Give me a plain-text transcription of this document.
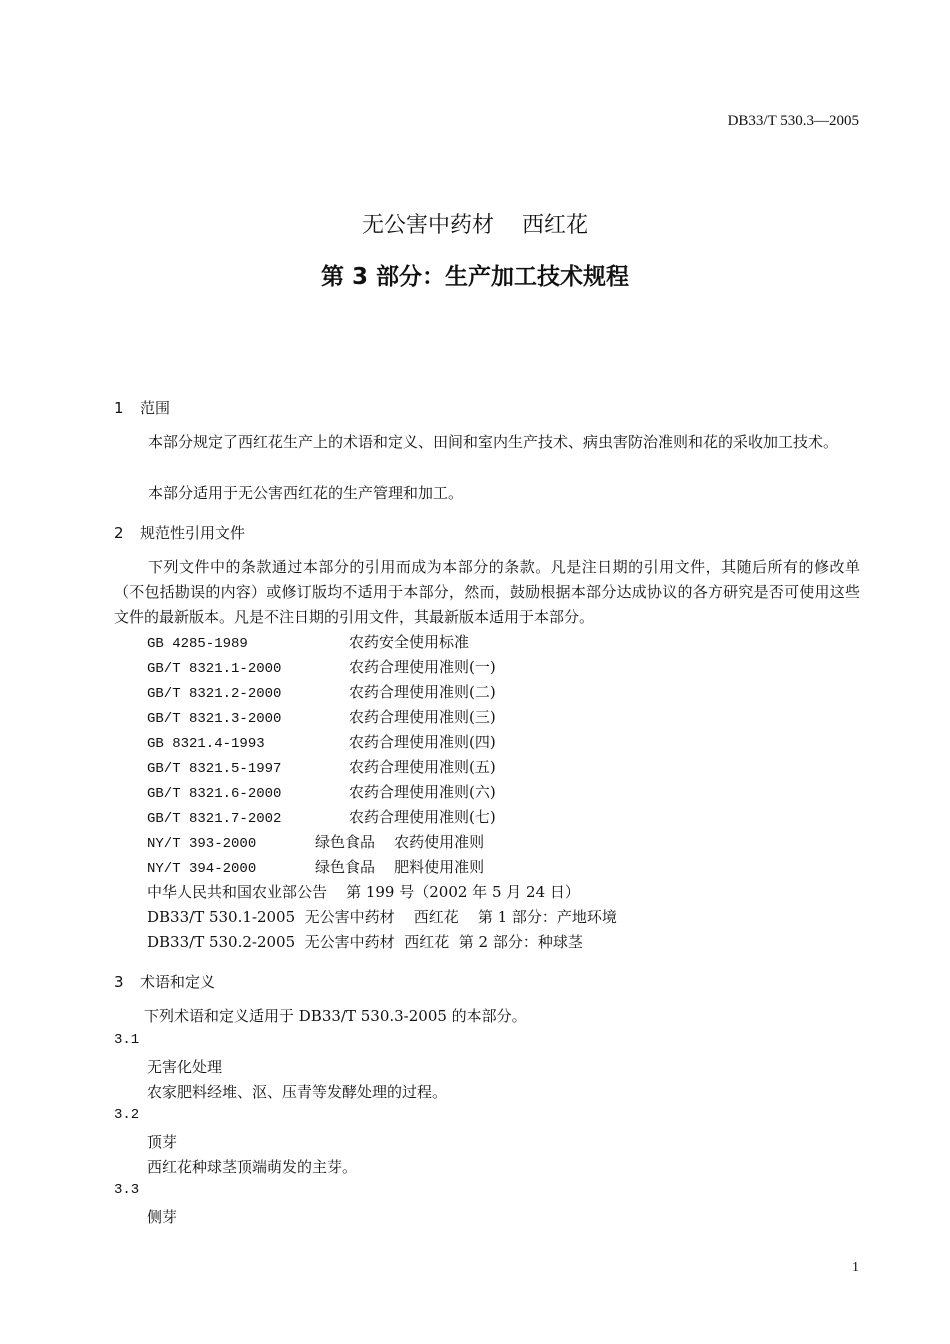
DB33/T 530.3—2005
无公害中药材    西红花
第 3 部分：生产加工技术规程
1 范围
本部分规定了西红花生产上的术语和定义、田间和室内生产技术、病虫害防治准则和花的采收加工技术。
本部分适用于无公害西红花的生产管理和加工。
2 规范性引用文件
下列文件中的条款通过本部分的引用而成为本部分的条款。凡是注日期的引用文件，其随后所有的修改单（不包括勘误的内容）或修订版均不适用于本部分，然而，鼓励根据本部分达成协议的各方研究是否可使用这些文件的最新版本。凡是不注日期的引用文件，其最新版本适用于本部分。
GB 4285-1989	农药安全使用标准
GB/T 8321.1-2000	农药合理使用准则(一)
GB/T 8321.2-2000	农药合理使用准则(二)
GB/T 8321.3-2000	农药合理使用准则(三)
GB 8321.4-1993	农药合理使用准则(四)
GB/T 8321.5-1997	农药合理使用准则(五)
GB/T 8321.6-2000	农药合理使用准则(六)
GB/T 8321.7-2002	农药合理使用准则(七)
NY/T 393-2000	绿色食品    农药使用准则
NY/T 394-2000	绿色食品    肥料使用准则
中华人民共和国农业部公告    第 199 号（2002 年 5 月 24 日）
DB33/T 530.1-2005  无公害中药材    西红花    第 1 部分：产地环境
DB33/T 530.2-2005  无公害中药材  西红花  第 2 部分：种球茎
3 术语和定义
下列术语和定义适用于 DB33/T 530.3-2005 的本部分。
3.1
无害化处理
农家肥料经堆、沤、压青等发酵处理的过程。
3.2
顶芽
西红花种球茎顶端萌发的主芽。
3.3
侧芽
1
